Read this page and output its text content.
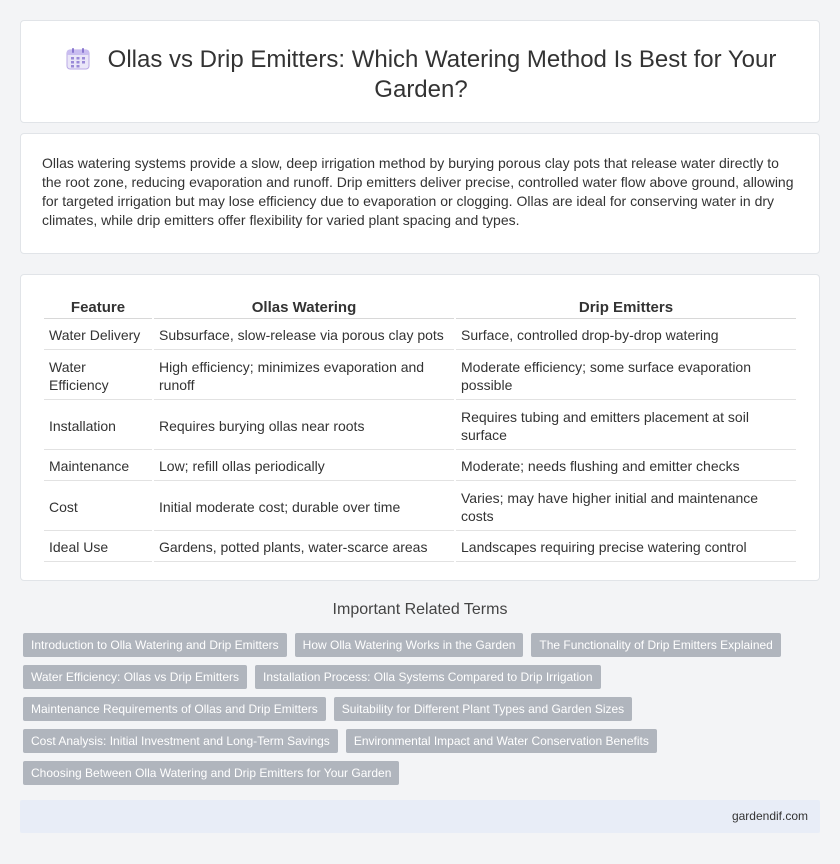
Ollas vs Drip Emitters: Which Watering Method Is Best for Your Garden?

Ollas watering systems provide a slow, deep irrigation method by burying porous clay pots that release water directly to the root zone, reducing evaporation and runoff. Drip emitters deliver precise, controlled water flow above ground, allowing for targeted irrigation but may lose efficiency due to evaporation or clogging. Ollas are ideal for conserving water in dry climates, while drip emitters offer flexibility for varied plant spacing and types.

Feature	Ollas Watering	Drip Emitters
Water Delivery	Subsurface, slow-release via porous clay pots	Surface, controlled drop-by-drop watering
Water Efficiency	High efficiency; minimizes evaporation and runoff	Moderate efficiency; some surface evaporation possible
Installation	Requires burying ollas near roots	Requires tubing and emitters placement at soil surface
Maintenance	Low; refill ollas periodically	Moderate; needs flushing and emitter checks
Cost	Initial moderate cost; durable over time	Varies; may have higher initial and maintenance costs
Ideal Use	Gardens, potted plants, water-scarce areas	Landscapes requiring precise watering control
Important Related Terms
Introduction to Olla Watering and Drip Emitters	How Olla Watering Works in the Garden	The Functionality of Drip Emitters Explained
Water Efficiency: Ollas vs Drip Emitters	Installation Process: Olla Systems Compared to Drip Irrigation
Maintenance Requirements of Ollas and Drip Emitters	Suitability for Different Plant Types and Garden Sizes
Cost Analysis: Initial Investment and Long-Term Savings	Environmental Impact and Water Conservation Benefits
Choosing Between Olla Watering and Drip Emitters for Your Garden
gardendif.com
